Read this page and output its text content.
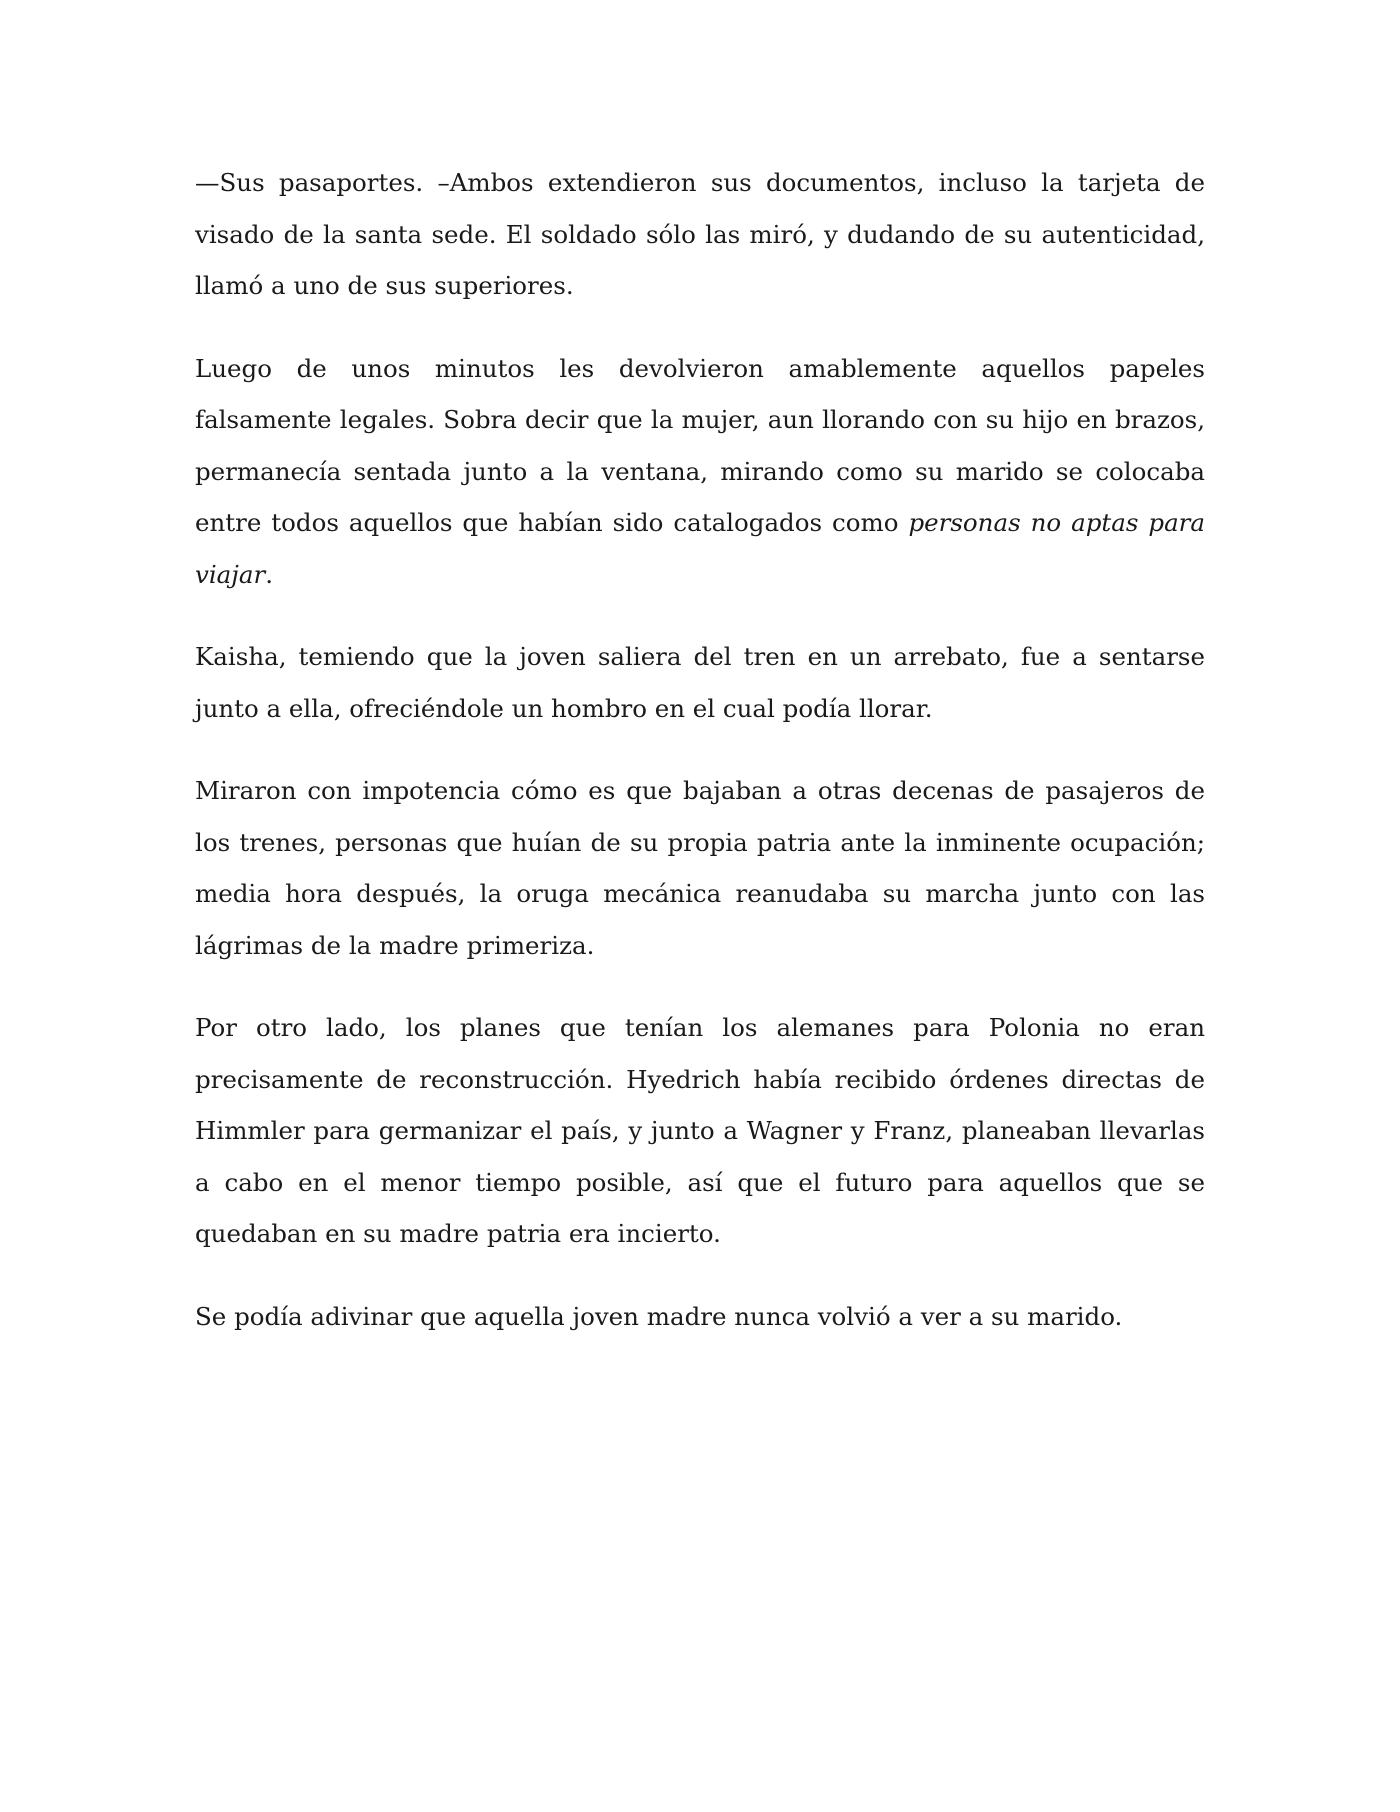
—Sus pasaportes. –Ambos extendieron sus documentos, incluso la tarjeta de visado de la santa sede. El soldado sólo las miró, y dudando de su autenticidad, llamó a uno de sus superiores.

Luego de unos minutos les devolvieron amablemente aquellos papeles falsamente legales. Sobra decir que la mujer, aun llorando con su hijo en brazos, permanecía sentada junto a la ventana, mirando como su marido se colocaba entre todos aquellos que habían sido catalogados como personas no aptas para viajar.

Kaisha, temiendo que la joven saliera del tren en un arrebato, fue a sentarse junto a ella, ofreciéndole un hombro en el cual podía llorar.

Miraron con impotencia cómo es que bajaban a otras decenas de pasajeros de los trenes, personas que huían de su propia patria ante la inminente ocupación; media hora después, la oruga mecánica reanudaba su marcha junto con las lágrimas de la madre primeriza.

Por otro lado, los planes que tenían los alemanes para Polonia no eran precisamente de reconstrucción. Hyedrich había recibido órdenes directas de Himmler para germanizar el país, y junto a Wagner y Franz, planeaban llevarlas a cabo en el menor tiempo posible, así que el futuro para aquellos que se quedaban en su madre patria era incierto.

Se podía adivinar que aquella joven madre nunca volvió a ver a su marido.
